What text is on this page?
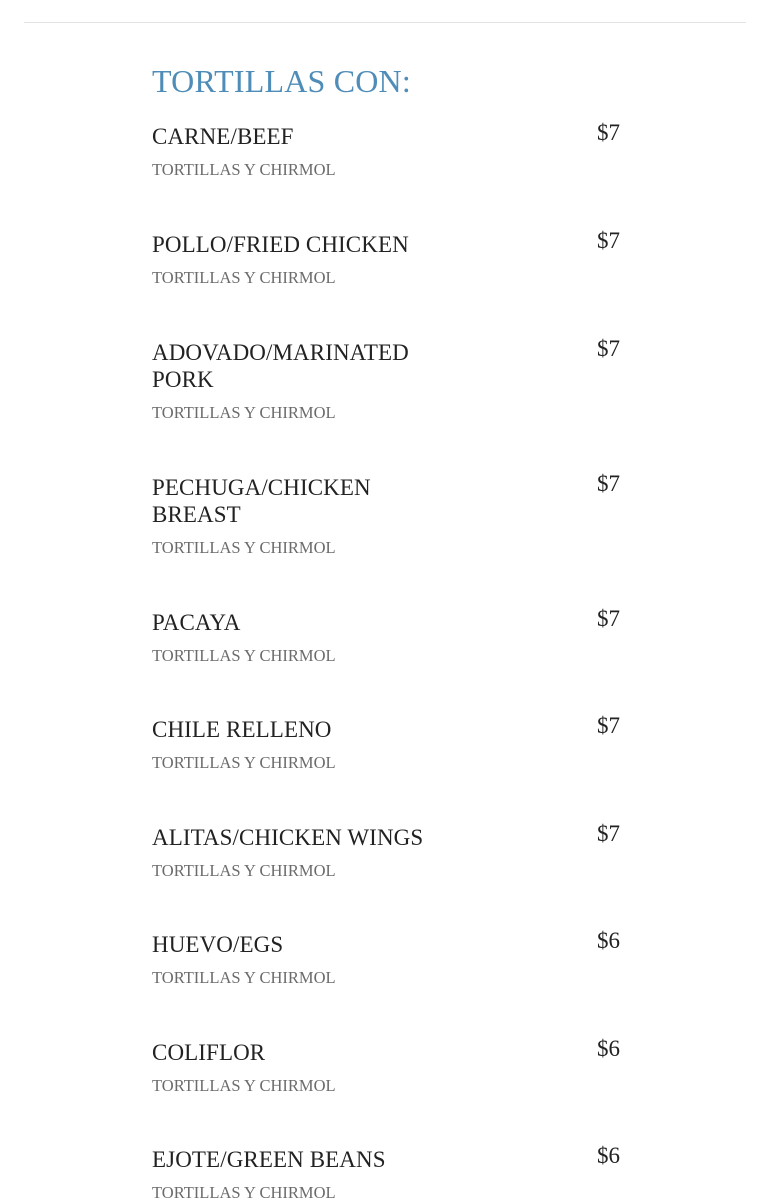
TORTILLAS CON:
CARNE/BEEF
TORTILLAS Y CHIRMOL
$7
POLLO/FRIED CHICKEN
TORTILLAS Y CHIRMOL
$7
ADOVADO/MARINATED PORK
TORTILLAS Y CHIRMOL
$7
PECHUGA/CHICKEN BREAST
TORTILLAS Y CHIRMOL
$7
PACAYA
TORTILLAS Y CHIRMOL
$7
CHILE RELLENO
TORTILLAS Y CHIRMOL
$7
ALITAS/CHICKEN WINGS
TORTILLAS Y CHIRMOL
$7
HUEVO/EGS
TORTILLAS Y CHIRMOL
$6
COLIFLOR
TORTILLAS Y CHIRMOL
$6
EJOTE/GREEN BEANS
TORTILLAS Y CHIRMOL
$6
